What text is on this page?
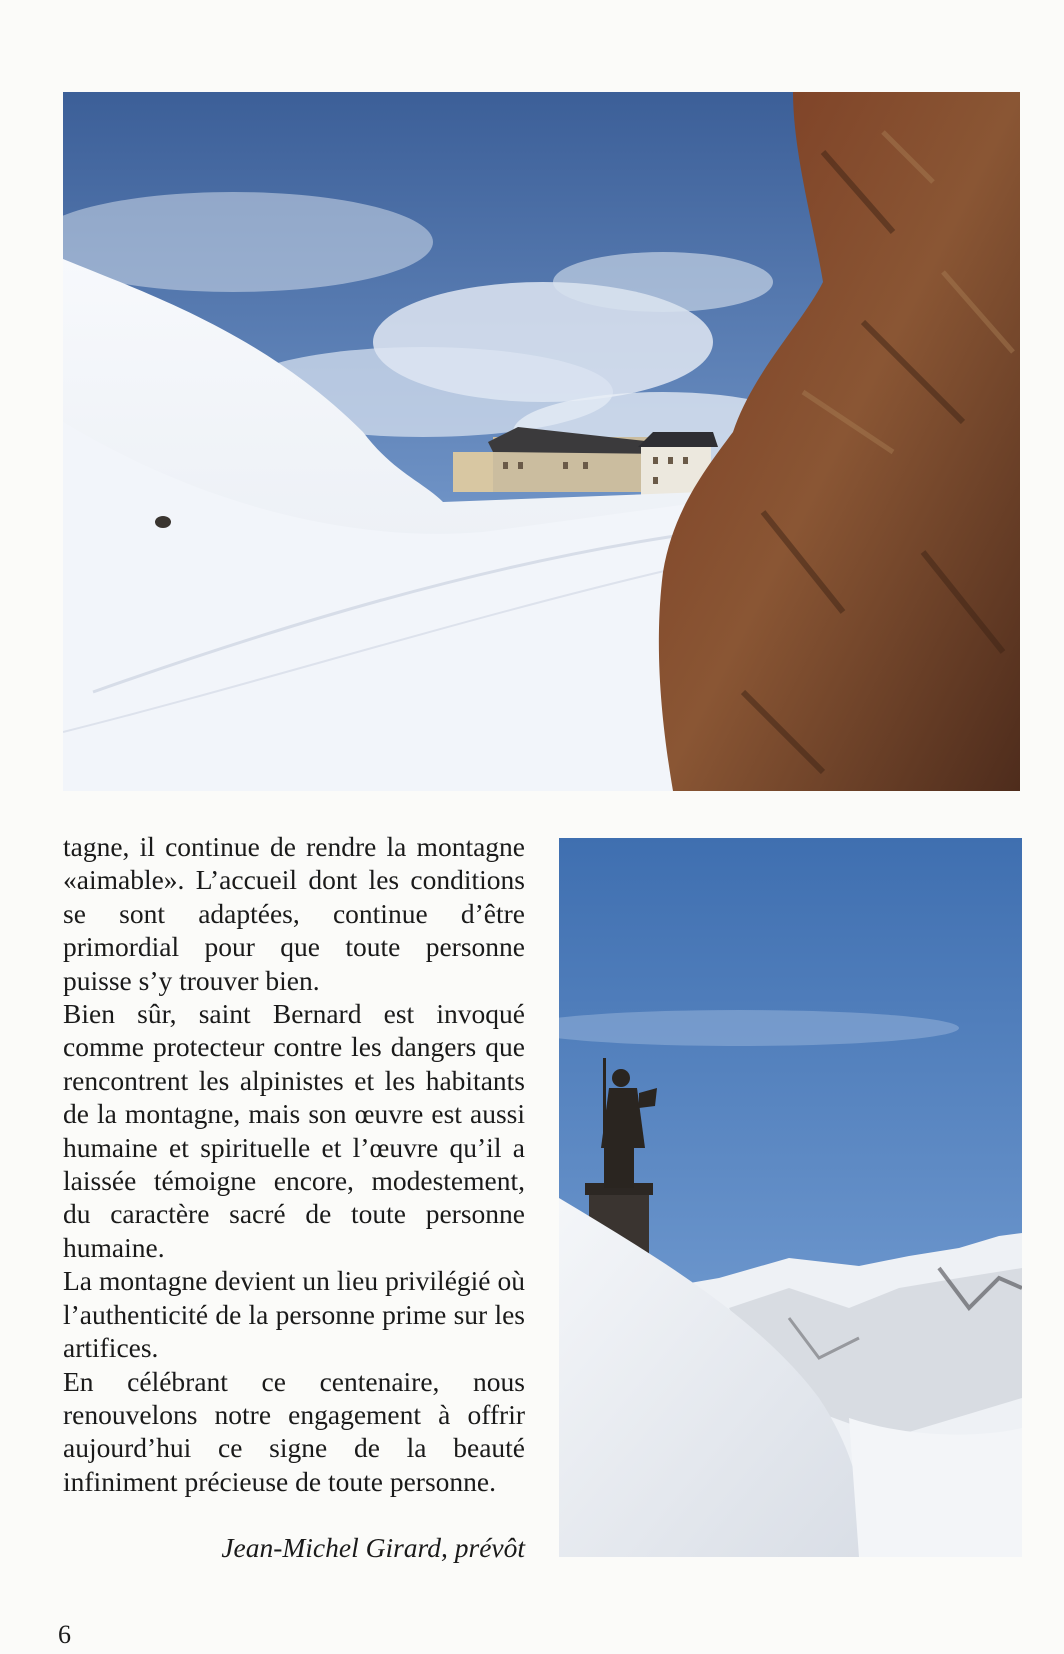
tagne, il continue de rendre la montagne «aimable». L’accueil dont les conditions se sont adaptées, continue d’être primordial pour que toute personne puisse s’y trouver bien.

Bien sûr, saint Bernard est invoqué comme protecteur contre les dangers que rencontrent les alpinistes et les habitants de la montagne, mais son œuvre est aussi humaine et spirituelle et l’œuvre qu’il a laissée témoigne encore, modestement, du caractère sacré de toute personne humaine.

La montagne devient un lieu privilégié où l’authenticité de la personne prime sur les artifices.

En célébrant ce centenaire, nous renouvelons notre engagement à offrir aujourd’hui ce signe de la beauté infiniment précieuse de toute personne.

Jean-Michel Girard, prévôt
6
